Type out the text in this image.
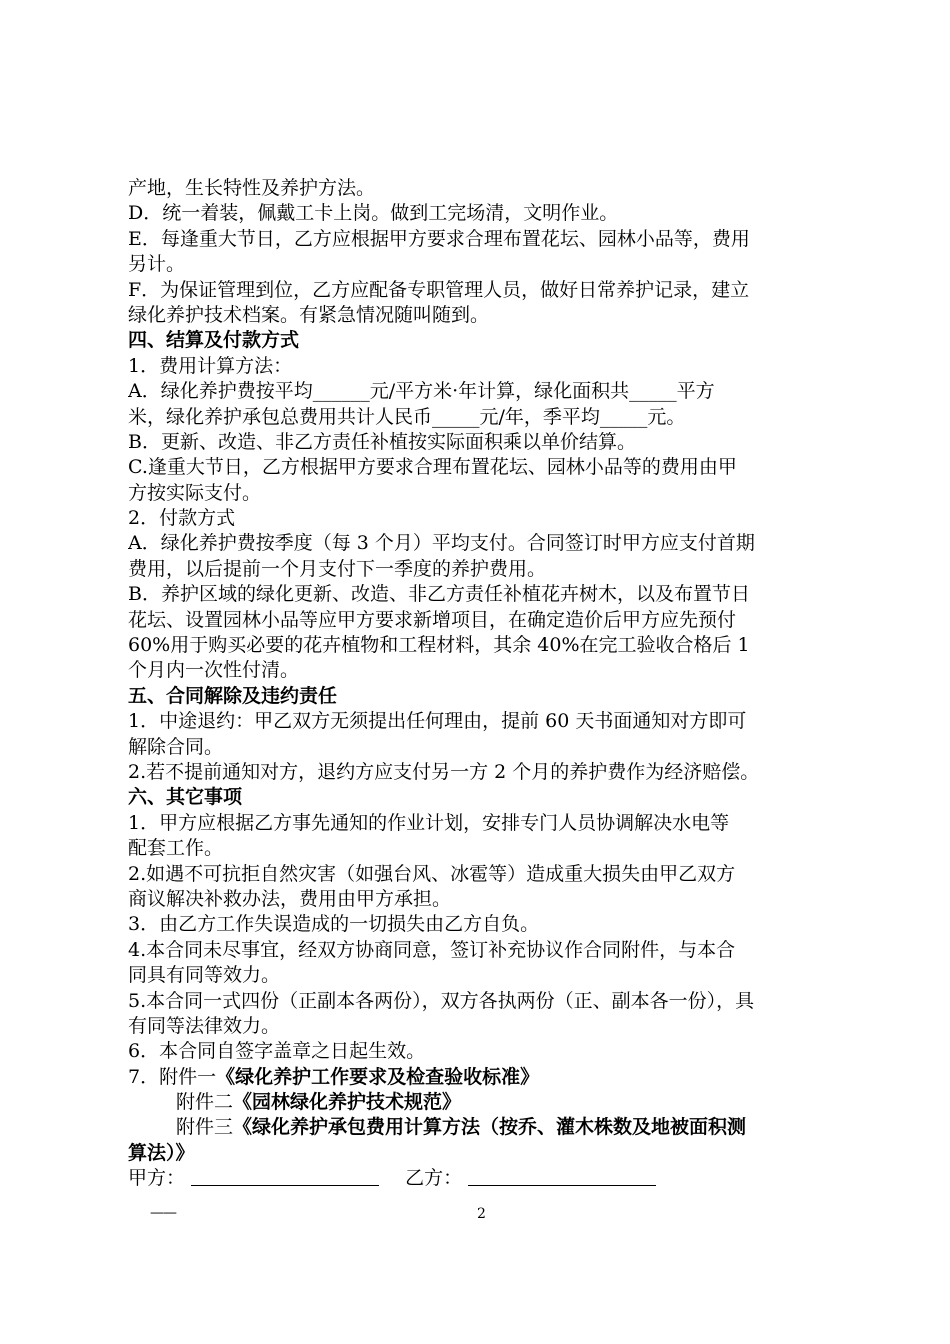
产地，生长特性及养护方法。
D．统一着装，佩戴工卡上岗。做到工完场清，文明作业。
E．每逢重大节日，乙方应根据甲方要求合理布置花坛、园林小品等，费用
另计。
F．为保证管理到位，乙方应配备专职管理人员，做好日常养护记录，建立
绿化养护技术档案。有紧急情况随叫随到。
四、结算及付款方式
1．费用计算方法：
A．绿化养护费按平均______元/平方米·年计算，绿化面积共_____平方
米，绿化养护承包总费用共计人民币_____元/年，季平均_____元。
B．更新、改造、非乙方责任补植按实际面积乘以单价结算。
C.逢重大节日，乙方根据甲方要求合理布置花坛、园林小品等的费用由甲
方按实际支付。
2．付款方式
A．绿化养护费按季度（每 3 个月）平均支付。合同签订时甲方应支付首期
费用，以后提前一个月支付下一季度的养护费用。
B．养护区域的绿化更新、改造、非乙方责任补植花卉树木，以及布置节日
花坛、设置园林小品等应甲方要求新增项目，在确定造价后甲方应先预付
60%用于购买必要的花卉植物和工程材料，其余 40%在完工验收合格后 1
个月内一次性付清。
五、合同解除及违约责任
1．中途退约：甲乙双方无须提出任何理由，提前 60 天书面通知对方即可
解除合同。
2.若不提前通知对方，退约方应支付另一方 2 个月的养护费作为经济赔偿。
六、其它事项
1．甲方应根据乙方事先通知的作业计划，安排专门人员协调解决水电等
配套工作。
2.如遇不可抗拒自然灾害（如强台风、冰雹等）造成重大损失由甲乙双方
商议解决补救办法，费用由甲方承担。
3．由乙方工作失误造成的一切损失由乙方自负。
4.本合同未尽事宜，经双方协商同意，签订补充协议作合同附件，与本合
同具有同等效力。
5.本合同一式四份（正副本各两份），双方各执两份（正、副本各一份），具
有同等法律效力。
6．本合同自签字盖章之日起生效。
7．附件一《绿化养护工作要求及检查验收标准》
附件二《园林绿化养护技术规范》
附件三《绿化养护承包费用计算方法（按乔、灌木株数及地被面积测
算法）》
甲方：	乙方：
——	2
